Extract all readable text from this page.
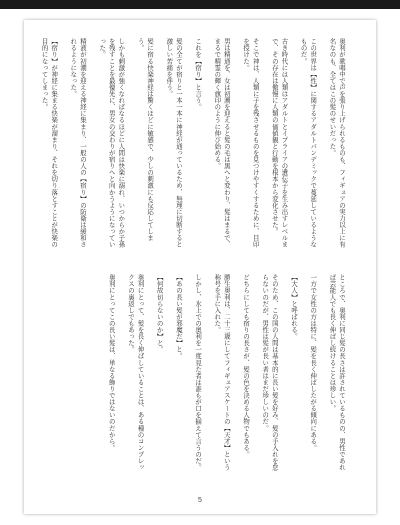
奥利が歌唱中で声を張り上げられるものも、フィギュアの実力以上に有名なのも、全てはこの髪のせいだった。

この世界は【性】に関するアダルトパンデミックで蔓延しているようなものだ。

古き時代には人類はアダルトとイプライアの遺伝子を生み出すレベルまで、その存在は傲慢に人類の価値観と行動を根本から変化させた。

そこで神は、人類に子を残させるものを見つけやすくするために、目印を授けた。

男は精通を、女は初潮を迎えると髪の毛は黒へと変わり、髪はまるで、まるで精霊の輝く旗印のように伸び始める。

これを【宿り】と言う。

髪の全てが宿りと一本一本に神経が通っているため、無理に切断すると激しい苦痛を伴う。

髪に宿る快楽神経は驚くほどに敏感で、少しの刺激にも反応してしまう。

しかも刺激が強くなればなるほどに人間は快楽に溺れ、いつからか子孫を残すことを最優先に、男女の交わりが宿りへと向かうようになっていった。

精液が初潮を迎える神経に集まり、一般の人の【宿り】の防衛は緩和されるようになった。

【宿り】が神経に集まる快楽が溜まり、それを切り落とすことが快楽の目的になってしまった。
ところで、奥利に同じ髪の長さは許されているものの、男性であれば芸能人でも長く伸ばし続けることは珍しい。

一方で女性の方は特に、髪を長く伸ばしたがる傾向にある。

【大人】と呼ばれる。

そのため、この国の人間は基本的に長い髪を好み、髪の手入れを怠らないのだが、男性は髪が長い者はまだ珍しいのだ。

どちらにしても宿りの長さが、髪の色を決める人物でもある。

勝生奥利は、二十三歳にしてフィギュアスケートの【天才】という称号を手に入れた。

しかし、氷上での奥利を一度見た者は誰もが口を揃えて言うのだ。

【あの長い髪が邪魔だ】と。

【何故切らないのか】と。

奥利にとって、髪を長く伸ばしていることは、ある種のコンプレックスの裏返しでもあった。

奥利にとってこの長い髪は、単なる飾りではないのだから。
5
